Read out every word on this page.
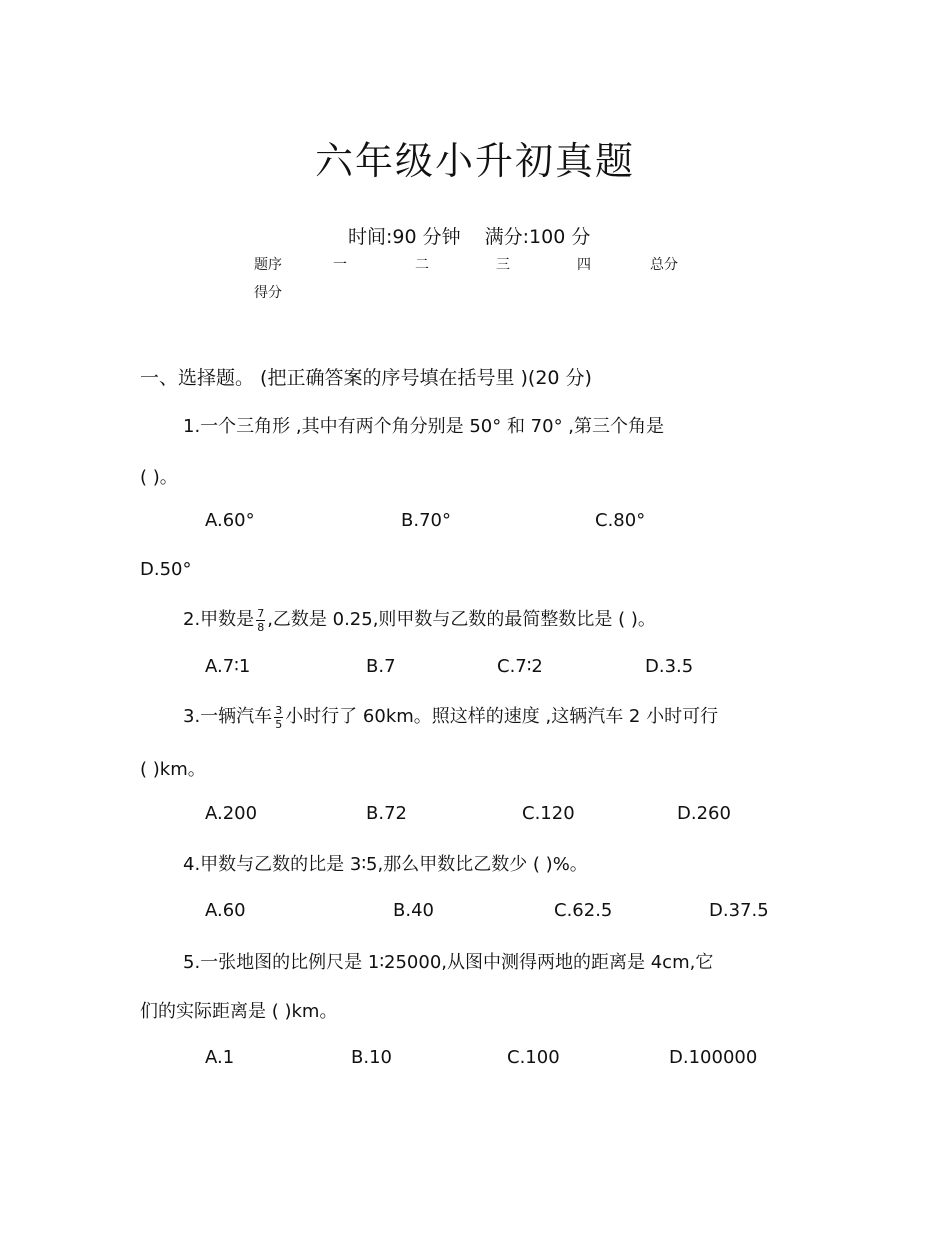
六年级小升初真题
时间:90 分钟 满分:100 分
题序	一	二	三	四	总分
得分
一、选择题。 (把正确答案的序号填在括号里 )(20 分)
1.一个三角形 ,其中有两个角分别是 50° 和 70° ,第三个角是
( )。
A.60°	B.70°	C.80°
D.50°
2.甲数是 $\frac{7}{8}$ ,乙数是 0.25,则甲数与乙数的最简整数比是 ( )。
A.7∶1	B.7	C.7∶2	D.3.5
3.一辆汽车 $\frac{3}{5}$ 小时行了 60km。照这样的速度 ,这辆汽车 2 小时可行
( )km。
A.200	B.72	C.120	D.260
4.甲数与乙数的比是 3∶5,那么甲数比乙数少 ( )%。
A.60	B.40	C.62.5	D.37.5
5.一张地图的比例尺是 1∶25000,从图中测得两地的距离是 4cm,它
们的实际距离是 ( )km。
A.1	B.10	C.100	D.100000
